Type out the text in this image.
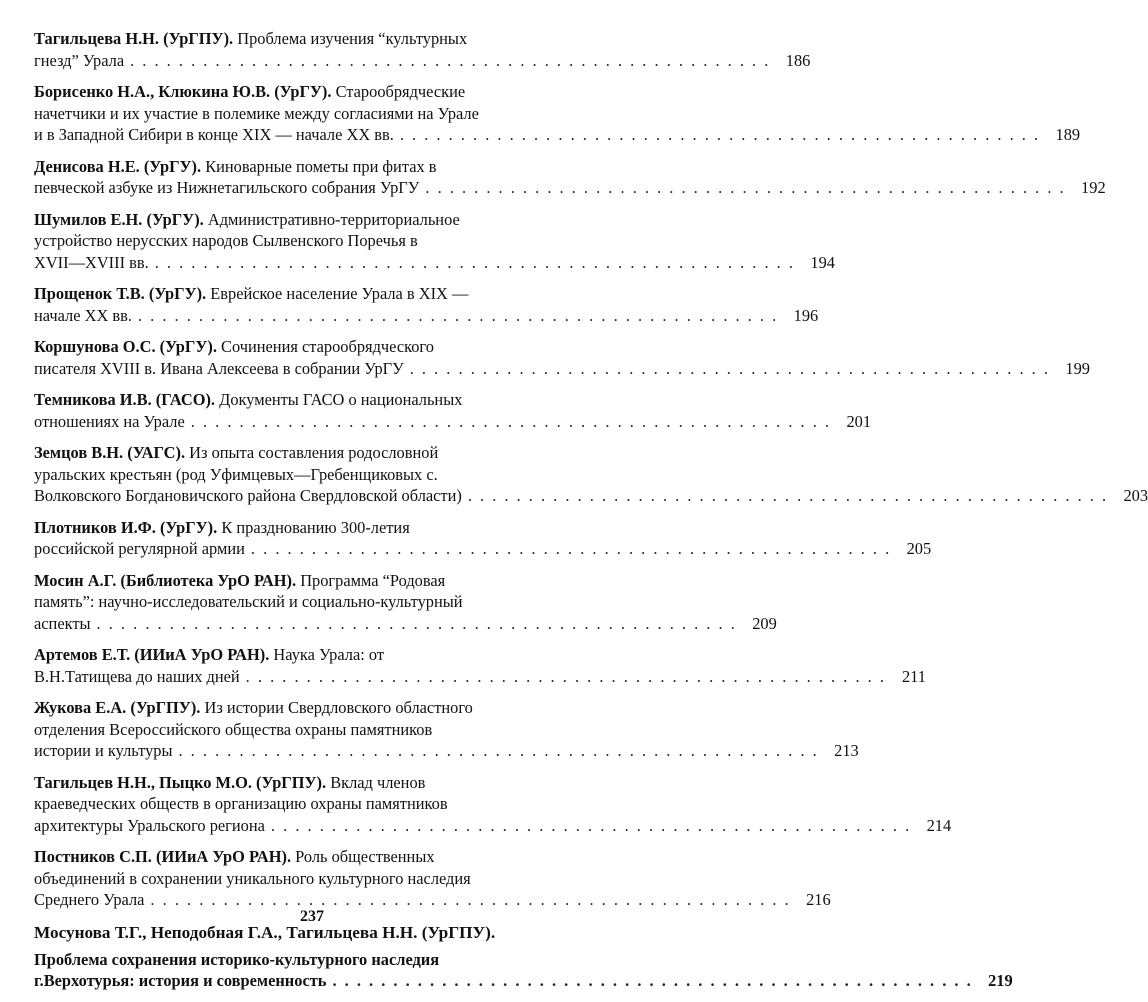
Тагильцева Н.Н. (УрГПУ). Проблема изучения “культурных
гнезд” Урала . . . . . . . . . . . . . . . . . . . . . . . . . . . . . . . . . . . . . . . . . . . . . . . . . . . . . 186
Борисенко Н.А., Клюкина Ю.В. (УрГУ). Старообрядческие
начетчики и их участие в полемике между согласиями на Урале
и в Западной Сибири в конце XIX — начале XX вв. . . . . . . . . . . . . . . . . . . . . . . . . . . . . . . . . . . . . . . . . . . . . . . . . . . . . . 189
Денисова Н.Е. (УрГУ). Киноварные пометы при фитах в
певческой азбуке из Нижнетагильского собрания УрГУ . . . . . . . . . . . . . . . . . . . . . . . . . . . . . . . . . . . . . . . . . . . . . . . . . . . . . 192
Шумилов Е.Н. (УрГУ). Административно-территориальное
устройство нерусских народов Сылвенского Поречья в
XVII—XVIII вв. . . . . . . . . . . . . . . . . . . . . . . . . . . . . . . . . . . . . . . . . . . . . . . . . . . . . . 194
Прощенок Т.В. (УрГУ). Еврейское население Урала в XIX —
начале XX вв. . . . . . . . . . . . . . . . . . . . . . . . . . . . . . . . . . . . . . . . . . . . . . . . . . . . . . 196
Коршунова О.С. (УрГУ). Сочинения старообрядческого
писателя XVIII в. Ивана Алексеева в собрании УрГУ . . . . . . . . . . . . . . . . . . . . . . . . . . . . . . . . . . . . . . . . . . . . . . . . . . . . . 199
Темникова И.В. (ГАСО). Документы ГАСО о национальных
отношениях на Урале . . . . . . . . . . . . . . . . . . . . . . . . . . . . . . . . . . . . . . . . . . . . . . . . . . . . . 201
Земцов В.Н. (УАГС). Из опыта составления родословной
уральских крестьян (род Уфимцевых—Гребенщиковых с.
Волковского Богдановичского района Свердловской области) . . . . . . . . . . . . . . . . . . . . . . . . . . . . . . . . . . . . . . . . . . . . . . . . . . . . . 203
Плотников И.Ф. (УрГУ). К празднованию 300-летия
российской регулярной армии . . . . . . . . . . . . . . . . . . . . . . . . . . . . . . . . . . . . . . . . . . . . . . . . . . . . . 205
Мосин А.Г. (Библиотека УрО РАН). Программа “Родовая
память”: научно-исследовательский и социально-культурный
аспекты . . . . . . . . . . . . . . . . . . . . . . . . . . . . . . . . . . . . . . . . . . . . . . . . . . . . . 209
Артемов Е.Т. (ИИиА УрО РАН). Наука Урала: от
В.Н.Татищева до наших дней . . . . . . . . . . . . . . . . . . . . . . . . . . . . . . . . . . . . . . . . . . . . . . . . . . . . . 211
Жукова Е.А. (УрГПУ). Из истории Свердловского областного
отделения Всероссийского общества охраны памятников
истории и культуры . . . . . . . . . . . . . . . . . . . . . . . . . . . . . . . . . . . . . . . . . . . . . . . . . . . . . 213
Тагильцев Н.Н., Пыцко М.О. (УрГПУ). Вклад членов
краеведческих обществ в организацию охраны памятников
архитектуры Уральского региона . . . . . . . . . . . . . . . . . . . . . . . . . . . . . . . . . . . . . . . . . . . . . . . . . . . . . 214
Постников С.П. (ИИиА УрО РАН). Роль общественных
объединений в сохранении уникального культурного наследия
Среднего Урала . . . . . . . . . . . . . . . . . . . . . . . . . . . . . . . . . . . . . . . . . . . . . . . . . . . . . 216
Мосунова Т.Г., Неподобная Г.А., Тагильцева Н.Н. (УрГПУ).
Проблема сохранения историко-культурного наследия
г.Верхотурья: история и современность . . . . . . . . . . . . . . . . . . . . . . . . . . . . . . . . . . . . . . . . . . . . . . . . . . . . . 219
237
